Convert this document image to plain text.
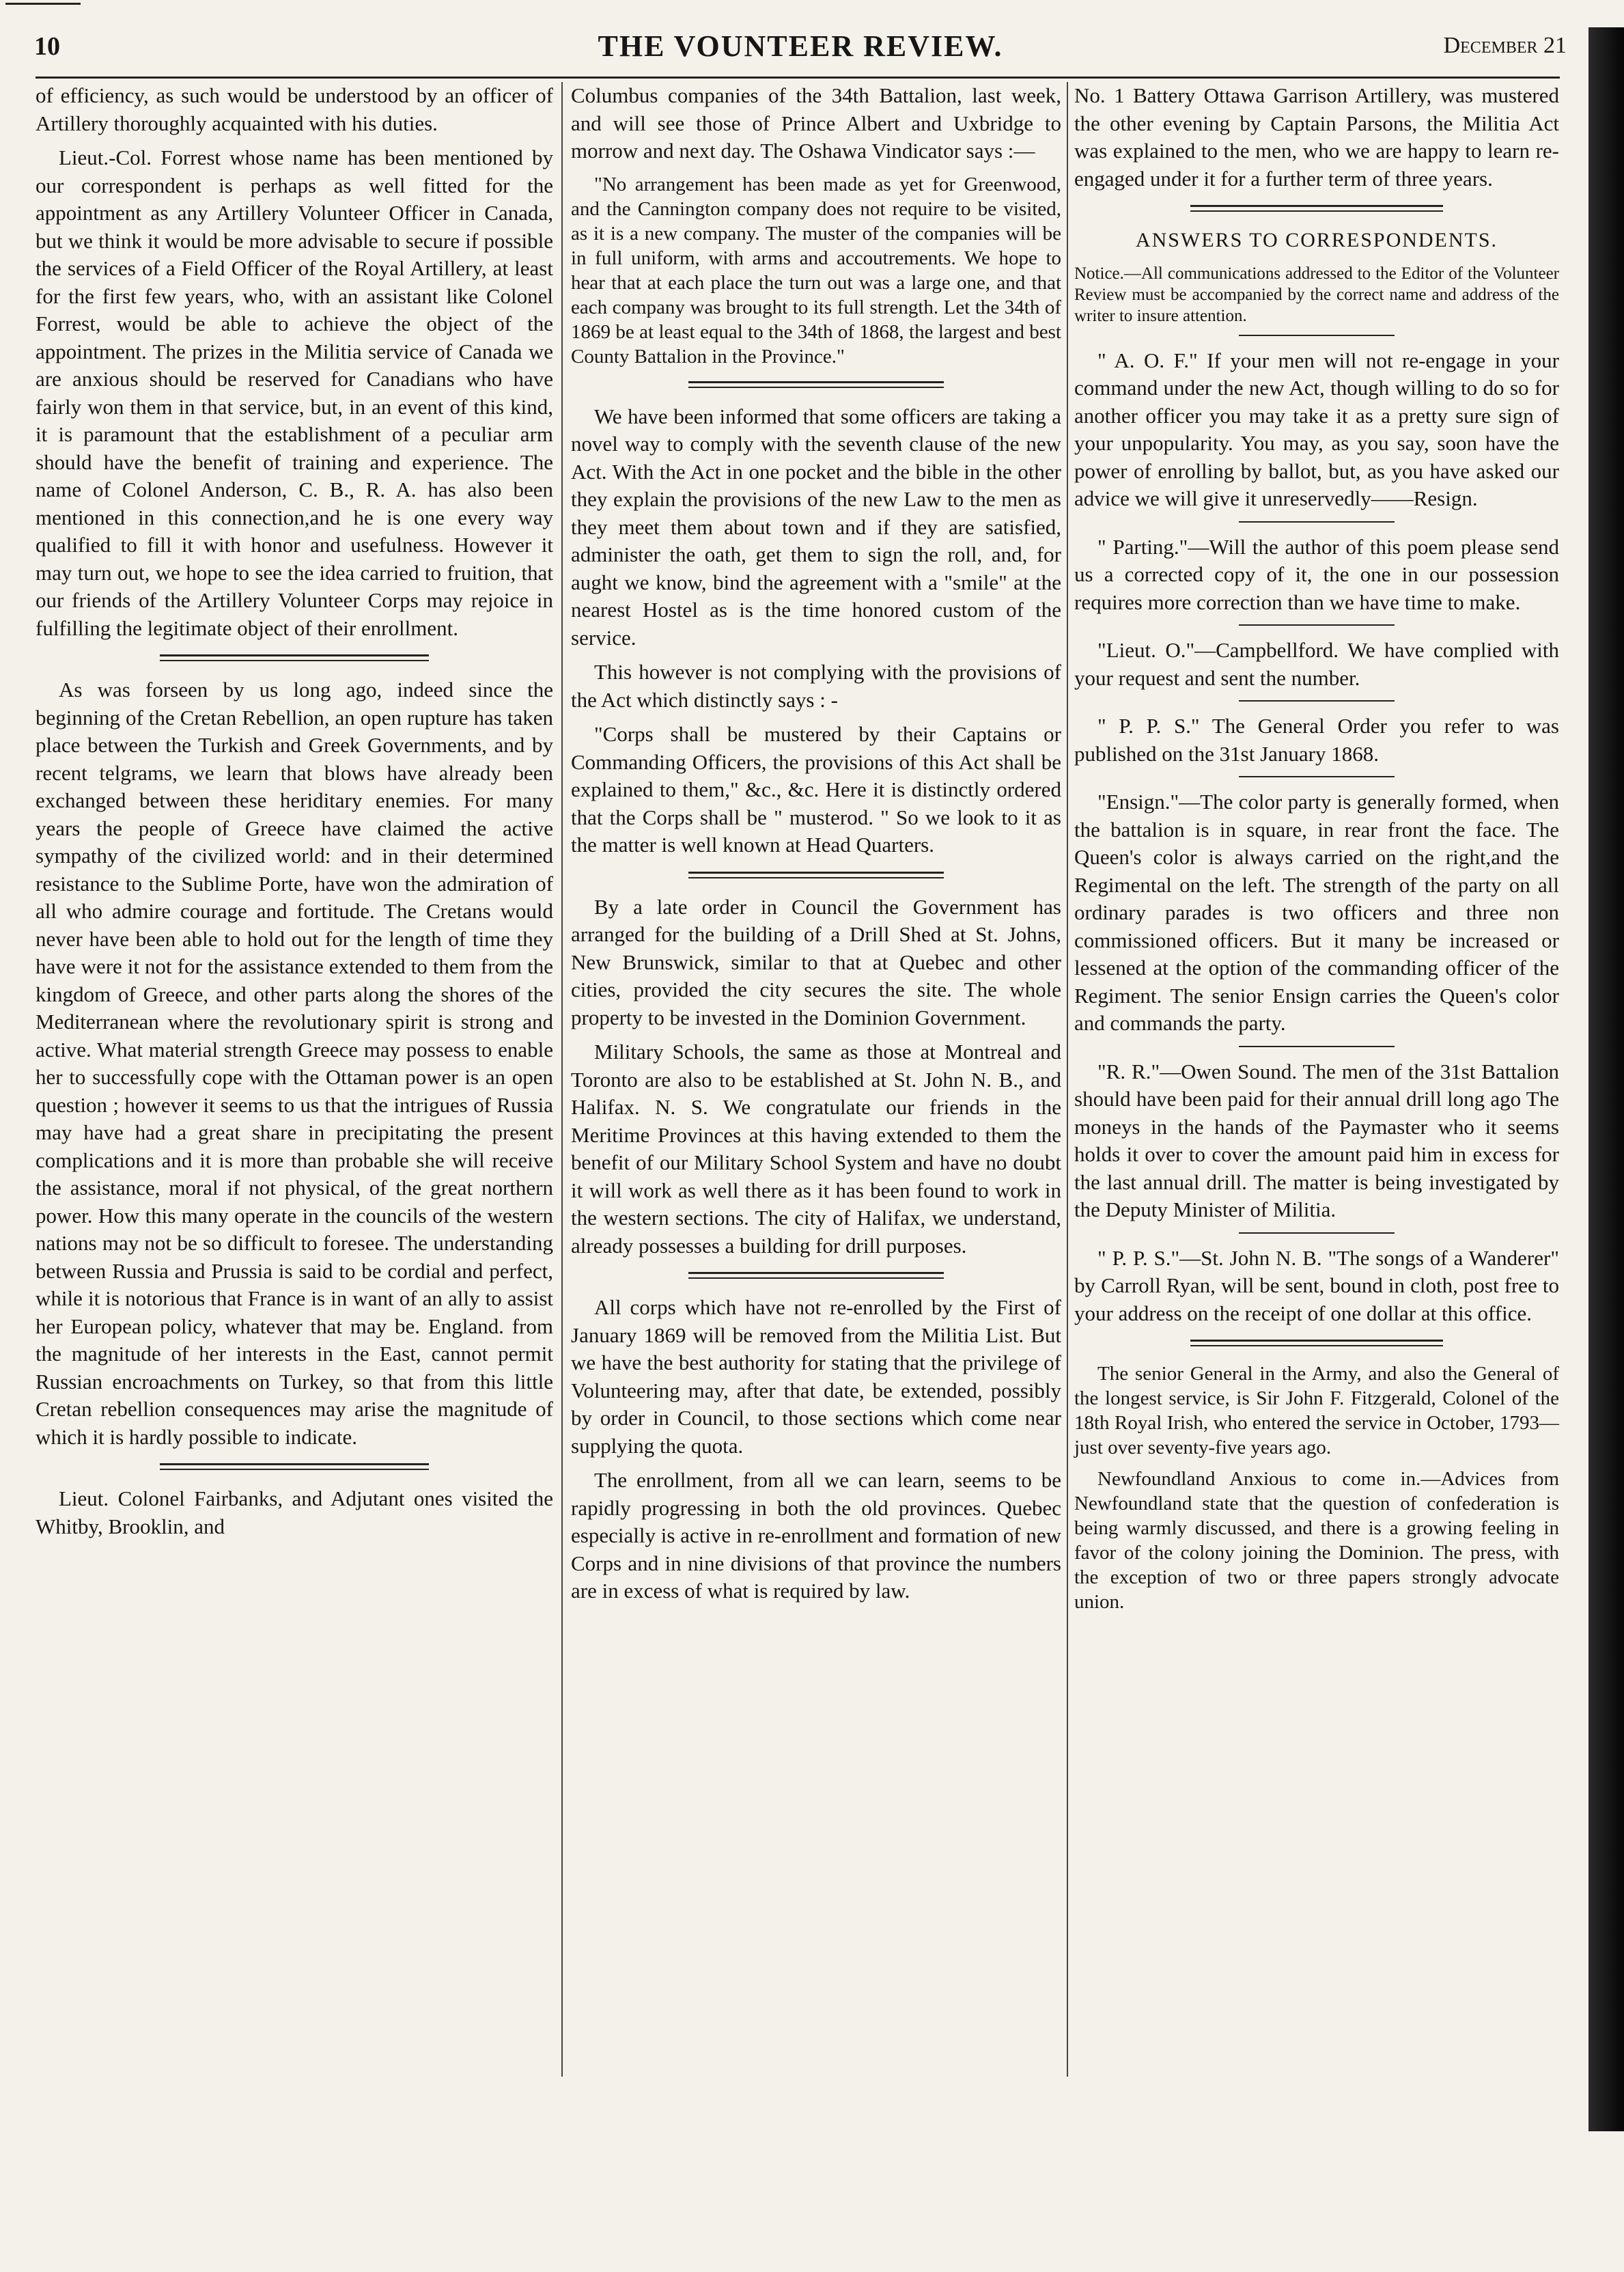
10	THE VOUNTEER REVIEW.	December 21

of efficiency, as such would be understood by an officer of Artillery thoroughly acquainted with his duties.

Lieut.-Col. Forrest whose name has been mentioned by our correspondent is perhaps as well fitted for the appointment as any Artillery Volunteer Officer in Canada, but we think it would be more advisable to secure if possible the services of a Field Officer of the Royal Artillery, at least for the first few years, who, with an assistant like Colonel Forrest, would be able to achieve the object of the appointment. The prizes in the Militia service of Canada we are anxious should be reserved for Canadians who have fairly won them in that service, but, in an event of this kind, it is paramount that the establishment of a peculiar arm should have the benefit of training and experience. The name of Colonel Anderson, C. B., R. A. has also been mentioned in this connection,and he is one every way qualified to fill it with honor and usefulness. However it may turn out, we hope to see the idea carried to fruition, that our friends of the Artillery Volunteer Corps may rejoice in fulfilling the legitimate object of their enrollment.

As was forseen by us long ago, indeed since the beginning of the Cretan Rebellion, an open rupture has taken place between the Turkish and Greek Governments, and by recent telgrams, we learn that blows have already been exchanged between these heriditary enemies. For many years the people of Greece have claimed the active sympathy of the civilized world: and in their determined resistance to the Sublime Porte, have won the admiration of all who admire courage and fortitude. The Cretans would never have been able to hold out for the length of time they have were it not for the assistance extended to them from the kingdom of Greece, and other parts along the shores of the Mediterranean where the revolutionary spirit is strong and active. What material strength Greece may possess to enable her to successfully cope with the Ottaman power is an open question ; however it seems to us that the intrigues of Russia may have had a great share in precipitating the present complications and it is more than probable she will receive the assistance, moral if not physical, of the great northern power. How this many operate in the councils of the western nations may not be so difficult to foresee. The understanding between Russia and Prussia is said to be cordial and perfect, while it is notorious that France is in want of an ally to assist her European policy, whatever that may be. England. from the magnitude of her interests in the East, cannot permit Russian encroachments on Turkey, so that from this little Cretan rebellion consequences may arise the magnitude of which it is hardly possible to indicate.

Lieut. Colonel Fairbanks, and Adjutant ones visited the Whitby, Brooklin, and

Columbus companies of the 34th Battalion, last week, and will see those of Prince Albert and Uxbridge to morrow and next day. The Oshawa Vindicator says :—

"No arrangement has been made as yet for Greenwood, and the Cannington company does not require to be visited, as it is a new company. The muster of the companies will be in full uniform, with arms and accoutrements. We hope to hear that at each place the turn out was a large one, and that each company was brought to its full strength. Let the 34th of 1869 be at least equal to the 34th of 1868, the largest and best County Battalion in the Province."

We have been informed that some officers are taking a novel way to comply with the seventh clause of the new Act. With the Act in one pocket and the bible in the other they explain the provisions of the new Law to the men as they meet them about town and if they are satisfied, administer the oath, get them to sign the roll, and, for aught we know, bind the agreement with a "smile" at the nearest Hostel as is the time honored custom of the service.

This however is not complying with the provisions of the Act which distinctly says : -

"Corps shall be mustered by their Captains or Commanding Officers, the provisions of this Act shall be explained to them," &c., &c. Here it is distinctly ordered that the Corps shall be " musterod. " So we look to it as the matter is well known at Head Quarters.

By a late order in Council the Government has arranged for the building of a Drill Shed at St. Johns, New Brunswick, similar to that at Quebec and other cities, provided the city secures the site. The whole property to be invested in the Dominion Government.

Military Schools, the same as those at Montreal and Toronto are also to be established at St. John N. B., and Halifax. N. S. We congratulate our friends in the Meritime Provinces at this having extended to them the benefit of our Military School System and have no doubt it will work as well there as it has been found to work in the western sections. The city of Halifax, we understand, already possesses a building for drill purposes.

All corps which have not re-enrolled by the First of January 1869 will be removed from the Militia List. But we have the best authority for stating that the privilege of Volunteering may, after that date, be extended, possibly by order in Council, to those sections which come near supplying the quota.

The enrollment, from all we can learn, seems to be rapidly progressing in both the old provinces. Quebec especially is active in re-enrollment and formation of new Corps and in nine divisions of that province the numbers are in excess of what is required by law.

No. 1 Battery Ottawa Garrison Artillery, was mustered the other evening by Captain Parsons, the Militia Act was explained to the men, who we are happy to learn re-engaged under it for a further term of three years.

ANSWERS TO CORRESPONDENTS.

Notice.—All communications addressed to the Editor of the Volunteer Review must be accompanied by the correct name and address of the writer to insure attention.

" A. O. F." If your men will not re-engage in your command under the new Act, though willing to do so for another officer you may take it as a pretty sure sign of your unpopularity. You may, as you say, soon have the power of enrolling by ballot, but, as you have asked our advice we will give it unreservedly——Resign.

" Parting."—Will the author of this poem please send us a corrected copy of it, the one in our possession requires more correction than we have time to make.

"Lieut. O."—Campbellford. We have complied with your request and sent the number.

" P. P. S." The General Order you refer to was published on the 31st January 1868.

"Ensign."—The color party is generally formed, when the battalion is in square, in rear front the face. The Queen's color is always carried on the right,and the Regimental on the left. The strength of the party on all ordinary parades is two officers and three non commissioned officers. But it many be increased or lessened at the option of the commanding officer of the Regiment. The senior Ensign carries the Queen's color and commands the party.

"R. R."—Owen Sound. The men of the 31st Battalion should have been paid for their annual drill long ago The moneys in the hands of the Paymaster who it seems holds it over to cover the amount paid him in excess for the last annual drill. The matter is being investigated by the Deputy Minister of Militia.

" P. P. S."—St. John N. B. "The songs of a Wanderer" by Carroll Ryan, will be sent, bound in cloth, post free to your address on the receipt of one dollar at this office.

The senior General in the Army, and also the General of the longest service, is Sir John F. Fitzgerald, Colonel of the 18th Royal Irish, who entered the service in October, 1793—just over seventy-five years ago.

Newfoundland Anxious to come in.—Advices from Newfoundland state that the question of confederation is being warmly discussed, and there is a growing feeling in favor of the colony joining the Dominion. The press, with the exception of two or three papers strongly advocate union.
